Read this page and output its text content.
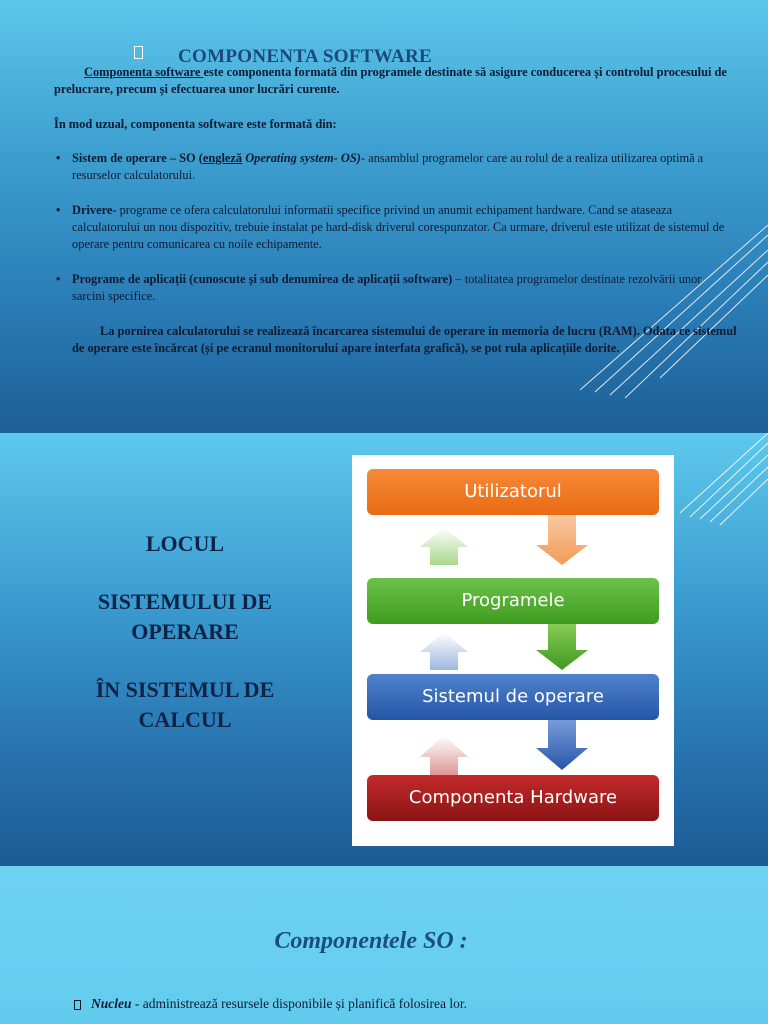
COMPONENTA SOFTWARE

Componenta software este componenta formată din programele destinate să asigure conducerea și controlul procesului de prelucrare, precum și efectuarea unor lucrări curente.

În mod uzual, componenta software este formată din:

• Sistem de operare – SO (engleză Operating system- OS)- ansamblul programelor care au rolul de a realiza utilizarea optimă a resurselor calculatorului.
• Drivere- programe ce ofera calculatorului informatii specifice privind un anumit echipament hardware. Cand se ataseaza calculatorului un nou dispozitiv, trebuie instalat pe hard-disk driverul corespunzator. Ca urmare, driverul este utilizat de sistemul de operare pentru comunicarea cu noile echipamente.
• Programe de aplicații (cunoscute și sub denumirea de aplicații software) – totalitatea programelor destinate rezolvării unor sarcini specifice.

La pornirea calculatorului se realizează încarcarea sistemului de operare in memoria de lucru (RAM). Odata ce sistemul de operare este încărcat (și pe ecranul monitorului apare interfata grafică), se pot rula aplicațiile dorite.

LOCUL

SISTEMULUI DE OPERARE

ÎN SISTEMUL DE CALCUL

Utilizatorul
Programele
Sistemul de operare
Componenta Hardware
Componentele SO :
Nucleu - administrează resursele disponibile și planifică folosirea lor.
